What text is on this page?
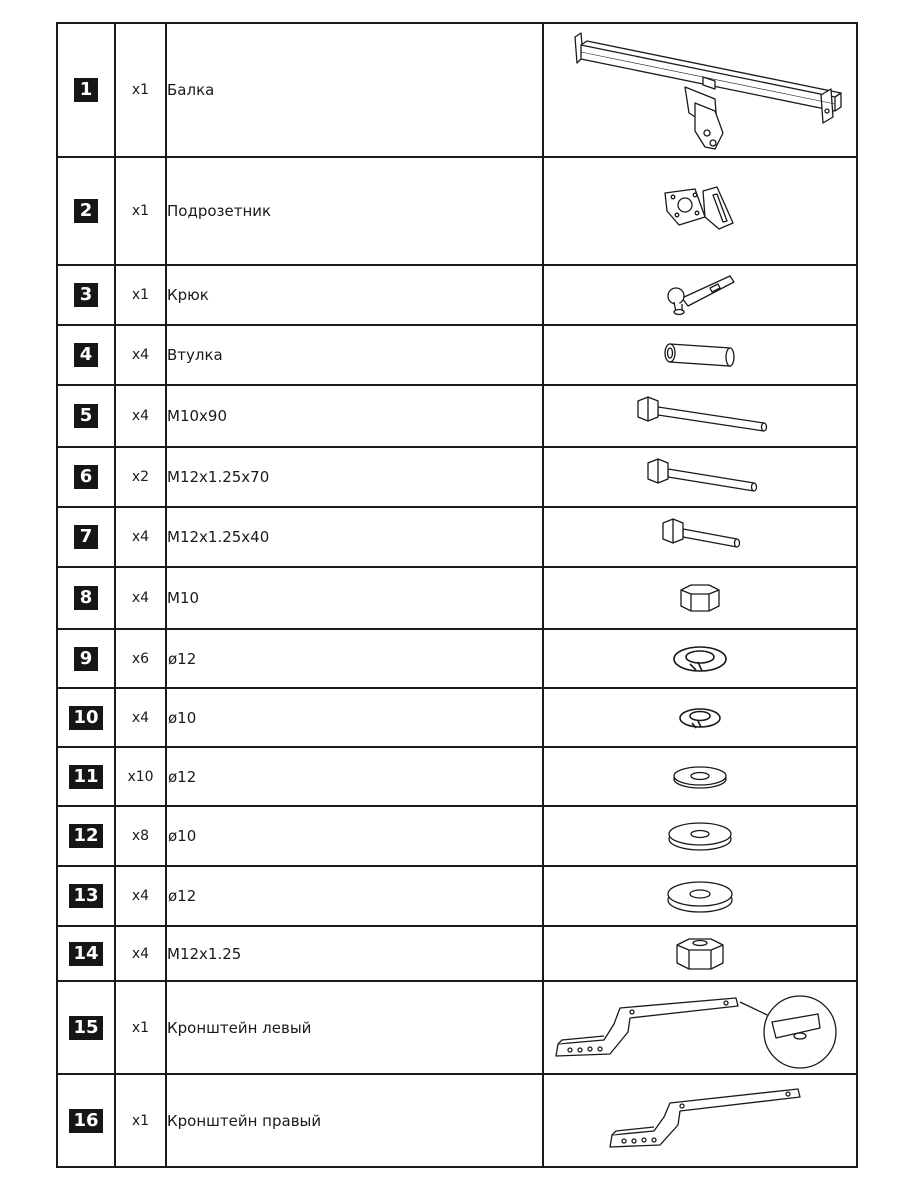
1	x1	Балка	

2	x1	Подрозетник	

3	x1	Крюк	

4	x4	Втулка	

5	x4	M10x90	

6	x2	M12x1.25x70	

7	x4	M12x1.25x40	

8	x4	M10	

9	x6	ø12	

10	x4	ø10	

11	x10	ø12	

12	x8	ø10	

13	x4	ø12	

14	x4	M12x1.25	

15	x1	Кронштейн левый	

16	x1	Кронштейн правый	
